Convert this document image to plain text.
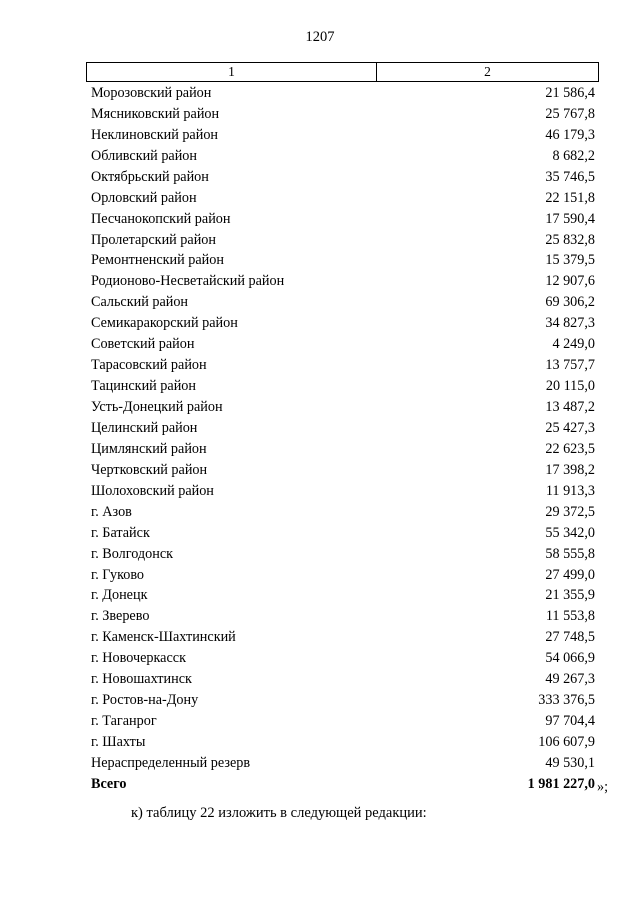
1207
1	2
Морозовский район	21 586,4
Мясниковский район	25 767,8
Неклиновский район	46 179,3
Обливский район	8 682,2
Октябрьский район	35 746,5
Орловский район	22 151,8
Песчанокопский район	17 590,4
Пролетарский район	25 832,8
Ремонтненский район	15 379,5
Родионово-Несветайский район	12 907,6
Сальский район	69 306,2
Семикаракорский район	34 827,3
Советский район	4 249,0
Тарасовский район	13 757,7
Тацинский район	20 115,0
Усть-Донецкий район	13 487,2
Целинский район	25 427,3
Цимлянский район	22 623,5
Чертковский район	17 398,2
Шолоховский район	11 913,3
г. Азов	29 372,5
г. Батайск	55 342,0
г. Волгодонск	58 555,8
г. Гуково	27 499,0
г. Донецк	21 355,9
г. Зверево	11 553,8
г. Каменск-Шахтинский	27 748,5
г. Новочеркасск	54 066,9
г. Новошахтинск	49 267,3
г. Ростов-на-Дону	333 376,5
г. Таганрог	97 704,4
г. Шахты	106 607,9
Нераспределенный резерв	49 530,1
Всего	1 981 227,0 »;
к) таблицу 22 изложить в следующей редакции:
